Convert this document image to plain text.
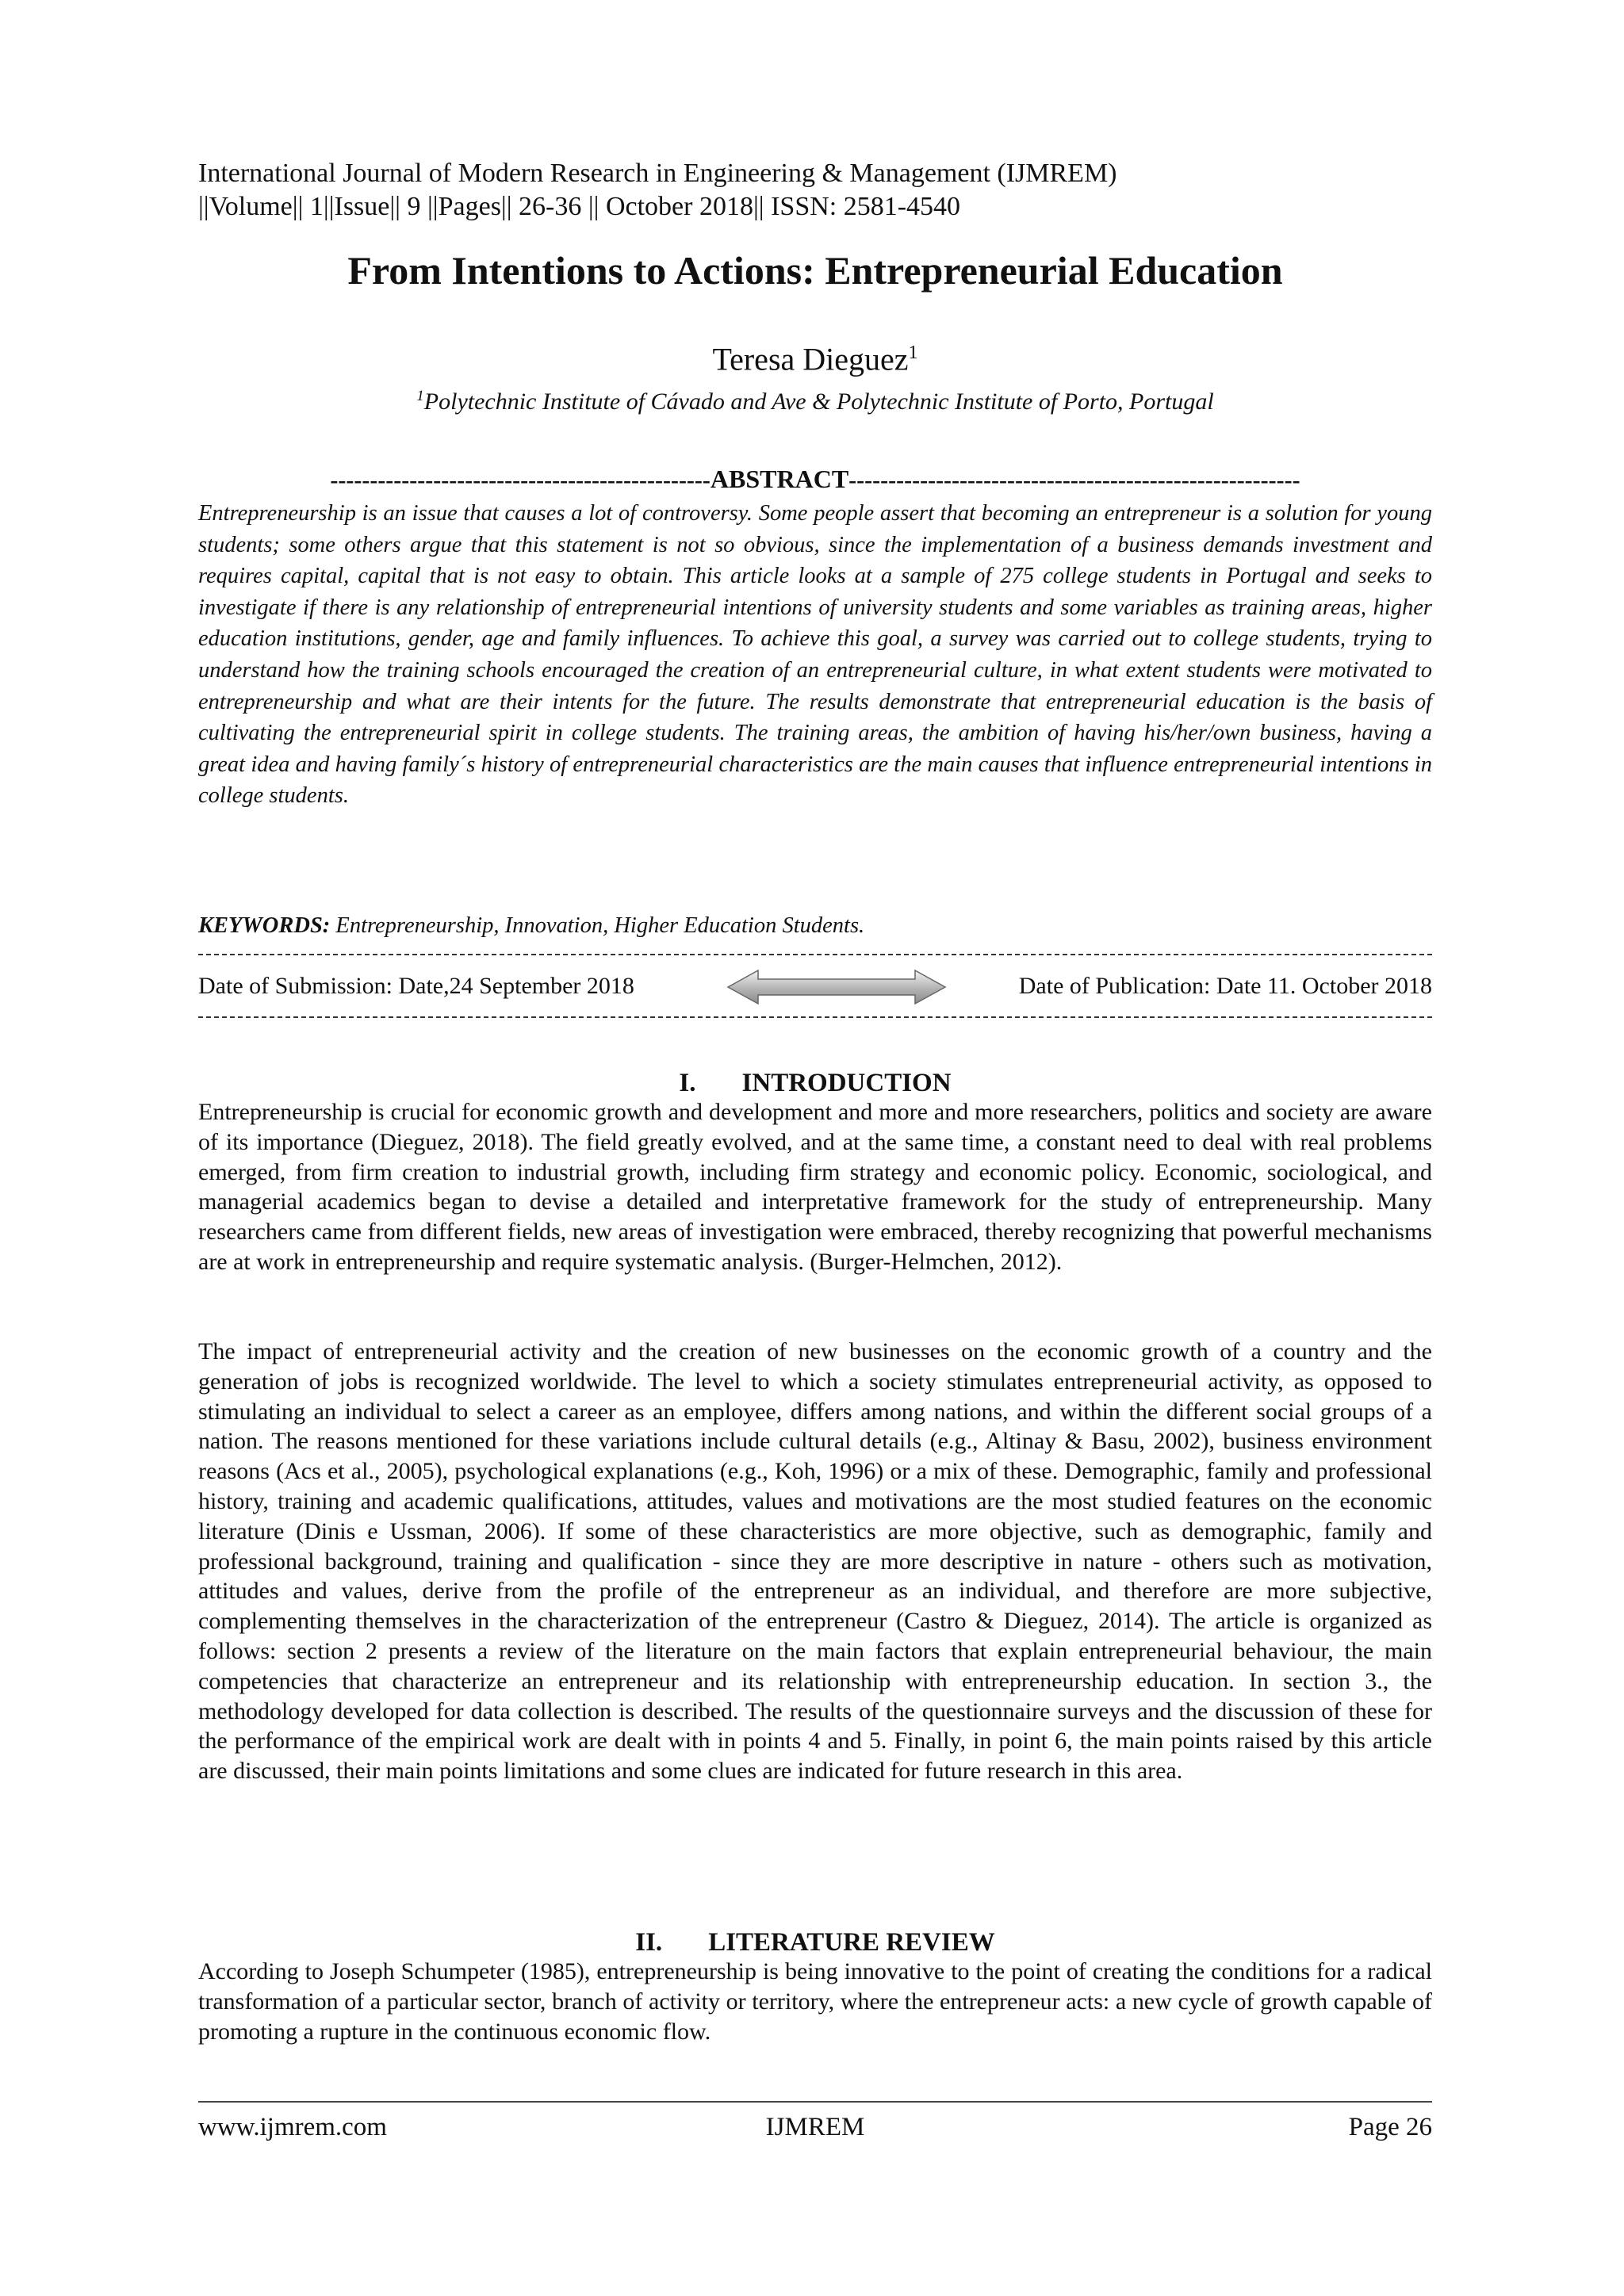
International Journal of Modern Research in Engineering & Management (IJMREM)

||Volume|| 1||Issue|| 9 ||Pages|| 26-36 || October 2018|| ISSN: 2581-4540

From Intentions to Actions: Entrepreneurial Education

Teresa Dieguez$^1$

$^1$Polytechnic Institute of Cávado and Ave & Polytechnic Institute of Porto, Portugal

------------------------------------------------ABSTRACT---------------------------------------------------------

Entrepreneurship is an issue that causes a lot of controversy. Some people assert that becoming an entrepreneur is a solution for young students; some others argue that this statement is not so obvious, since the implementation of a business demands investment and requires capital, capital that is not easy to obtain. This article looks at a sample of 275 college students in Portugal and seeks to investigate if there is any relationship of entrepreneurial intentions of university students and some variables as training areas, higher education institutions, gender, age and family influences. To achieve this goal, a survey was carried out to college students, trying to understand how the training schools encouraged the creation of an entrepreneurial culture, in what extent students were motivated to entrepreneurship and what are their intents for the future. The results demonstrate that entrepreneurial education is the basis of cultivating the entrepreneurial spirit in college students. The training areas, the ambition of having his/her/own business, having a great idea and having family´s history of entrepreneurial characteristics are the main causes that influence entrepreneurial intentions in college students.

KEYWORDS: Entrepreneurship, Innovation, Higher Education Students.

Date of Submission: Date,24 September 2018	Date of Publication: Date 11. October 2018
I. INTRODUCTION

Entrepreneurship is crucial for economic growth and development and more and more researchers, politics and society are aware of its importance (Dieguez, 2018). The field greatly evolved, and at the same time, a constant need to deal with real problems emerged, from firm creation to industrial growth, including firm strategy and economic policy. Economic, sociological, and managerial academics began to devise a detailed and interpretative framework for the study of entrepreneurship. Many researchers came from different fields, new areas of investigation were embraced, thereby recognizing that powerful mechanisms are at work in entrepreneurship and require systematic analysis. (Burger-Helmchen, 2012).

The impact of entrepreneurial activity and the creation of new businesses on the economic growth of a country and the generation of jobs is recognized worldwide. The level to which a society stimulates entrepreneurial activity, as opposed to stimulating an individual to select a career as an employee, differs among nations, and within the different social groups of a nation. The reasons mentioned for these variations include cultural details (e.g., Altinay & Basu, 2002), business environment reasons (Acs et al., 2005), psychological explanations (e.g., Koh, 1996) or a mix of these. Demographic, family and professional history, training and academic qualifications, attitudes, values and motivations are the most studied features on the economic literature (Dinis e Ussman, 2006). If some of these characteristics are more objective, such as demographic, family and professional background, training and qualification - since they are more descriptive in nature - others such as motivation, attitudes and values, derive from the profile of the entrepreneur as an individual, and therefore are more subjective, complementing themselves in the characterization of the entrepreneur (Castro & Dieguez, 2014). The article is organized as follows: section 2 presents a review of the literature on the main factors that explain entrepreneurial behaviour, the main competencies that characterize an entrepreneur and its relationship with entrepreneurship education. In section 3., the methodology developed for data collection is described. The results of the questionnaire surveys and the discussion of these for the performance of the empirical work are dealt with in points 4 and 5. Finally, in point 6, the main points raised by this article are discussed, their main points limitations and some clues are indicated for future research in this area.

II. LITERATURE REVIEW

According to Joseph Schumpeter (1985), entrepreneurship is being innovative to the point of creating the conditions for a radical transformation of a particular sector, branch of activity or territory, where the entrepreneur acts: a new cycle of growth capable of promoting a rupture in the continuous economic flow.

www.ijmrem.com	IJMREM	Page 26
